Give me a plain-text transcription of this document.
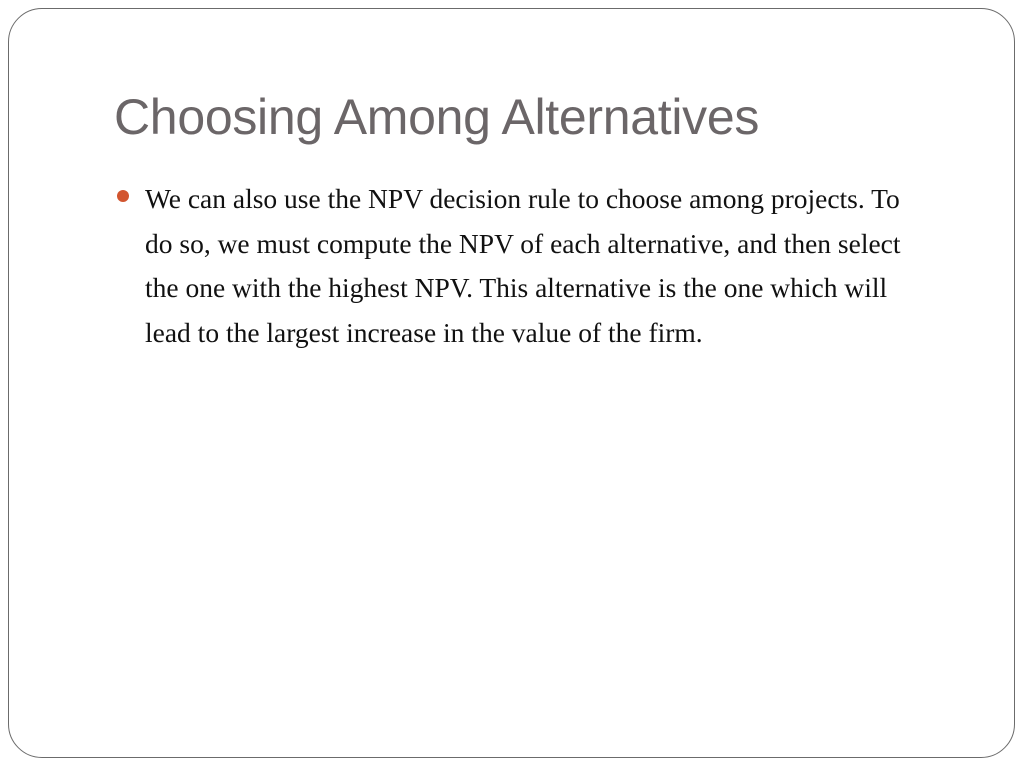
Choosing Among Alternatives
We can also use the NPV decision rule to choose among projects. To do so, we must compute the NPV of each alternative, and then select the one with the highest NPV. This alternative is the one which will lead to the largest increase in the value of the firm.
